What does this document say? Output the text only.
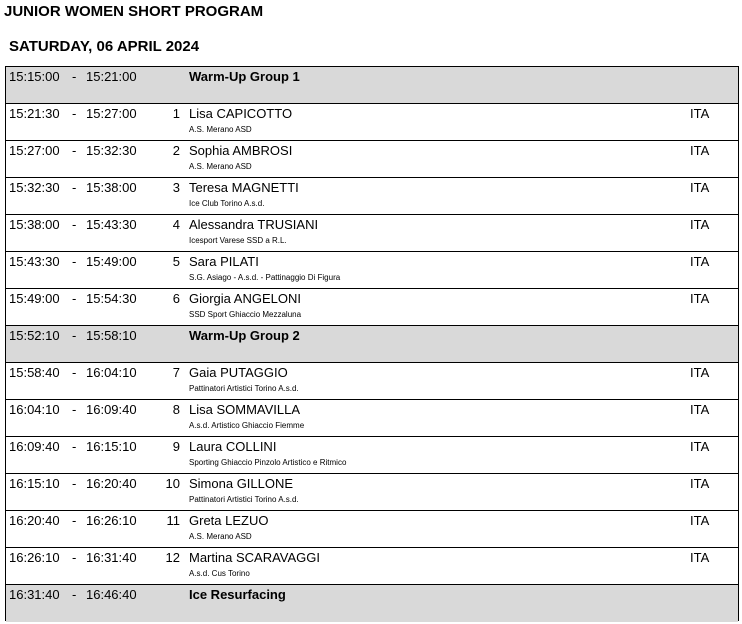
JUNIOR WOMEN SHORT PROGRAM
SATURDAY, 06 APRIL 2024
15:15:00 - 15:21:00	Warm-Up Group 1
15:21:30 - 15:27:00	1 Lisa CAPICOTTO
A.S. Merano ASD
ITA
15:27:00 - 15:32:30	2 Sophia AMBROSI
A.S. Merano ASD
ITA
15:32:30 - 15:38:00	3 Teresa MAGNETTI
Ice Club Torino A.s.d.
ITA
15:38:00 - 15:43:30	4 Alessandra TRUSIANI
Icesport Varese SSD a R.L.
ITA
15:43:30 - 15:49:00	5 Sara PILATI
S.G. Asiago - A.s.d. - Pattinaggio Di Figura
ITA
15:49:00 - 15:54:30	6 Giorgia ANGELONI
SSD Sport Ghiaccio Mezzaluna
ITA
15:52:10 - 15:58:10	Warm-Up Group 2
15:58:40 - 16:04:10	7 Gaia PUTAGGIO
Pattinatori Artistici Torino A.s.d.
ITA
16:04:10 - 16:09:40	8 Lisa SOMMAVILLA
A.s.d. Artistico Ghiaccio Fiemme
ITA
16:09:40 - 16:15:10	9 Laura COLLINI
Sporting Ghiaccio Pinzolo Artistico e Ritmico
ITA
16:15:10 - 16:20:40	10 Simona GILLONE
Pattinatori Artistici Torino A.s.d.
ITA
16:20:40 - 16:26:10	11 Greta LEZUO
A.S. Merano ASD
ITA
16:26:10 - 16:31:40	12 Martina SCARAVAGGI
A.s.d. Cus Torino
ITA
16:31:40 - 16:46:40	Ice Resurfacing
